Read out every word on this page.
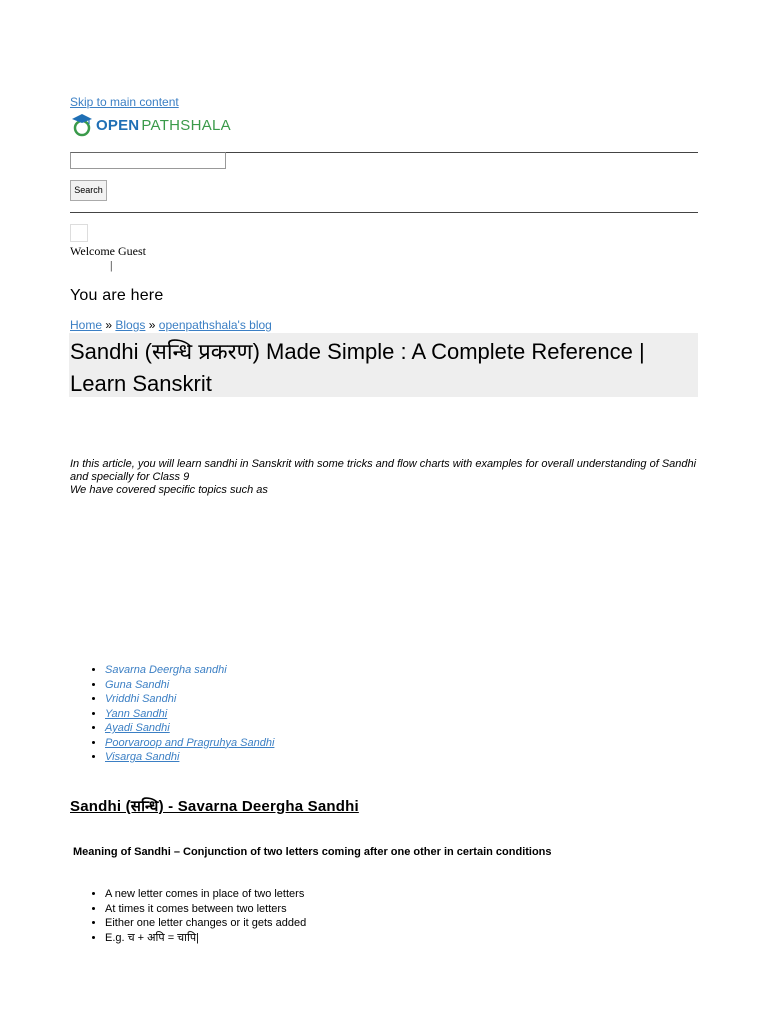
Skip to main content
OPEN PATHSHALA
Search
Welcome Guest
|
You are here
Home » Blogs » openpathshala's blog
Sandhi (सन्धि प्रकरण) Made Simple : A Complete Reference | Learn Sanskrit
In this article, you will learn sandhi in Sanskrit with some tricks and flow charts with examples for overall understanding of Sandhi and specially for Class 9
We have covered specific topics such as
• Savarna Deergha sandhi
• Guna Sandhi
• Vriddhi Sandhi
• Yann Sandhi
• Ayadi Sandhi
• Poorvaroop and Pragruhya Sandhi
• Visarga Sandhi
Sandhi (सन्धि) - Savarna Deergha Sandhi
Meaning of Sandhi – Conjunction of two letters coming after one other in certain conditions
• A new letter comes in place of two letters
• At times it comes between two letters
• Either one letter changes or it gets added
• E.g. च + अपि = चापि|
